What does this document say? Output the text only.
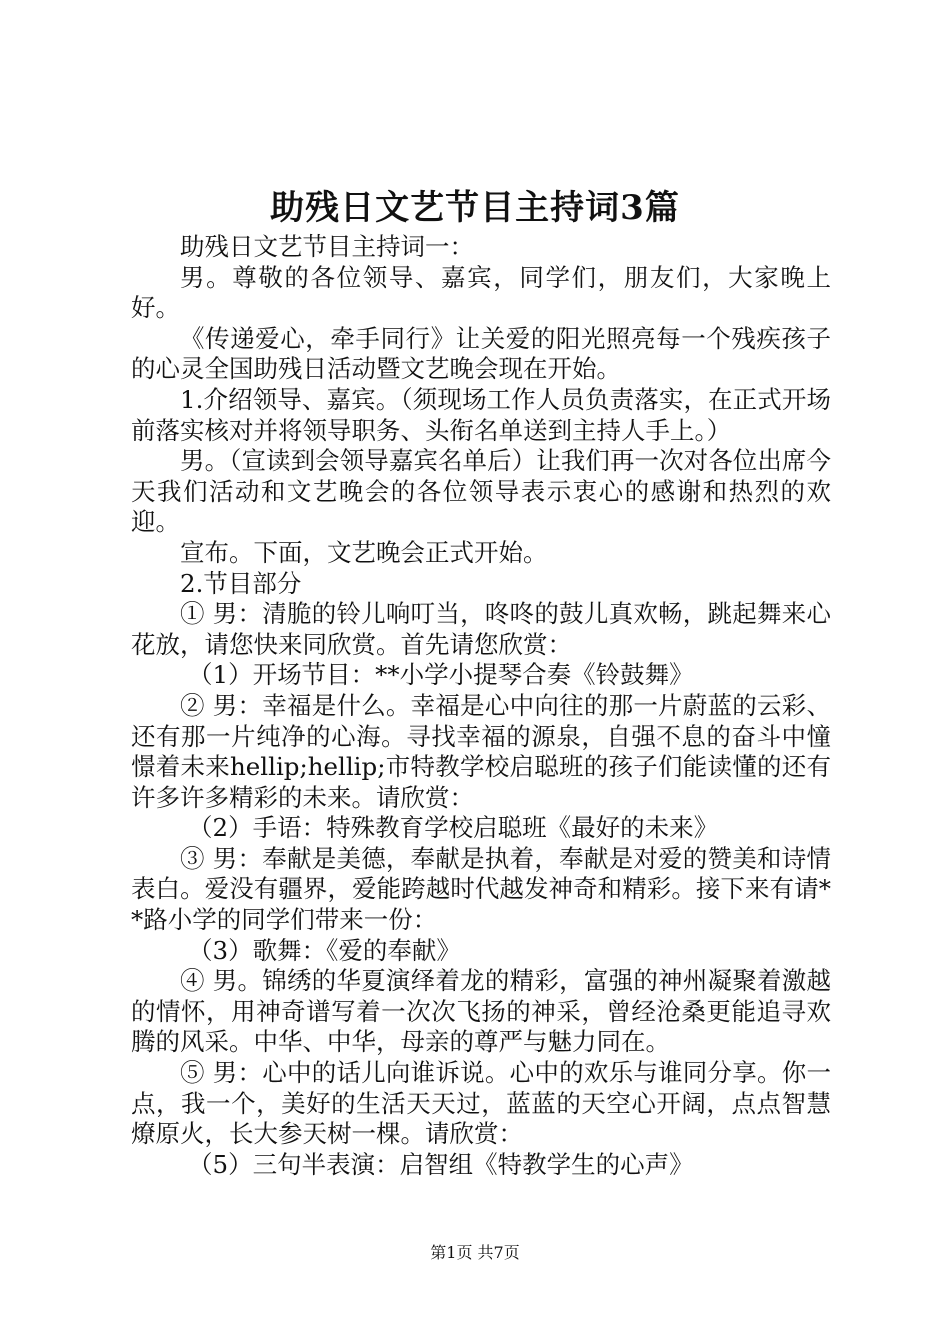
助残日文艺节目主持词3篇

助残日文艺节目主持词一：

男。尊敬的各位领导、嘉宾，同学们，朋友们，大家晚上好。

《传递爱心，牵手同行》让关爱的阳光照亮每一个残疾孩子的心灵全国助残日活动暨文艺晚会现在开始。

1.介绍领导、嘉宾。（须现场工作人员负责落实，在正式开场前落实核对并将领导职务、头衔名单送到主持人手上。）

男。（宣读到会领导嘉宾名单后）让我们再一次对各位出席今天我们活动和文艺晚会的各位领导表示衷心的感谢和热烈的欢迎。

宣布。下面，文艺晚会正式开始。

2.节目部分

① 男：清脆的铃儿响叮当，咚咚的鼓儿真欢畅，跳起舞来心花放，请您快来同欣赏。首先请您欣赏：

（1）开场节目：**小学小提琴合奏《铃鼓舞》

② 男：幸福是什么。幸福是心中向往的那一片蔚蓝的云彩、还有那一片纯净的心海。寻找幸福的源泉，自强不息的奋斗中憧憬着未来hellip;hellip;市特教学校启聪班的孩子们能读懂的还有许多许多精彩的未来。请欣赏：

（2）手语：特殊教育学校启聪班《最好的未来》

③ 男：奉献是美德，奉献是执着，奉献是对爱的赞美和诗情表白。爱没有疆界，爱能跨越时代越发神奇和精彩。接下来有请**路小学的同学们带来一份：

（3）歌舞：《爱的奉献》

④ 男。锦绣的华夏演绎着龙的精彩，富强的神州凝聚着激越的情怀，用神奇谱写着一次次飞扬的神采，曾经沧桑更能追寻欢腾的风采。中华、中华，母亲的尊严与魅力同在。

⑤ 男：心中的话儿向谁诉说。心中的欢乐与谁同分享。你一点，我一个，美好的生活天天过，蓝蓝的天空心开阔，点点智慧燎原火，长大参天树一棵。请欣赏：

（5）三句半表演：启智组《特教学生的心声》

第1页 共7页
